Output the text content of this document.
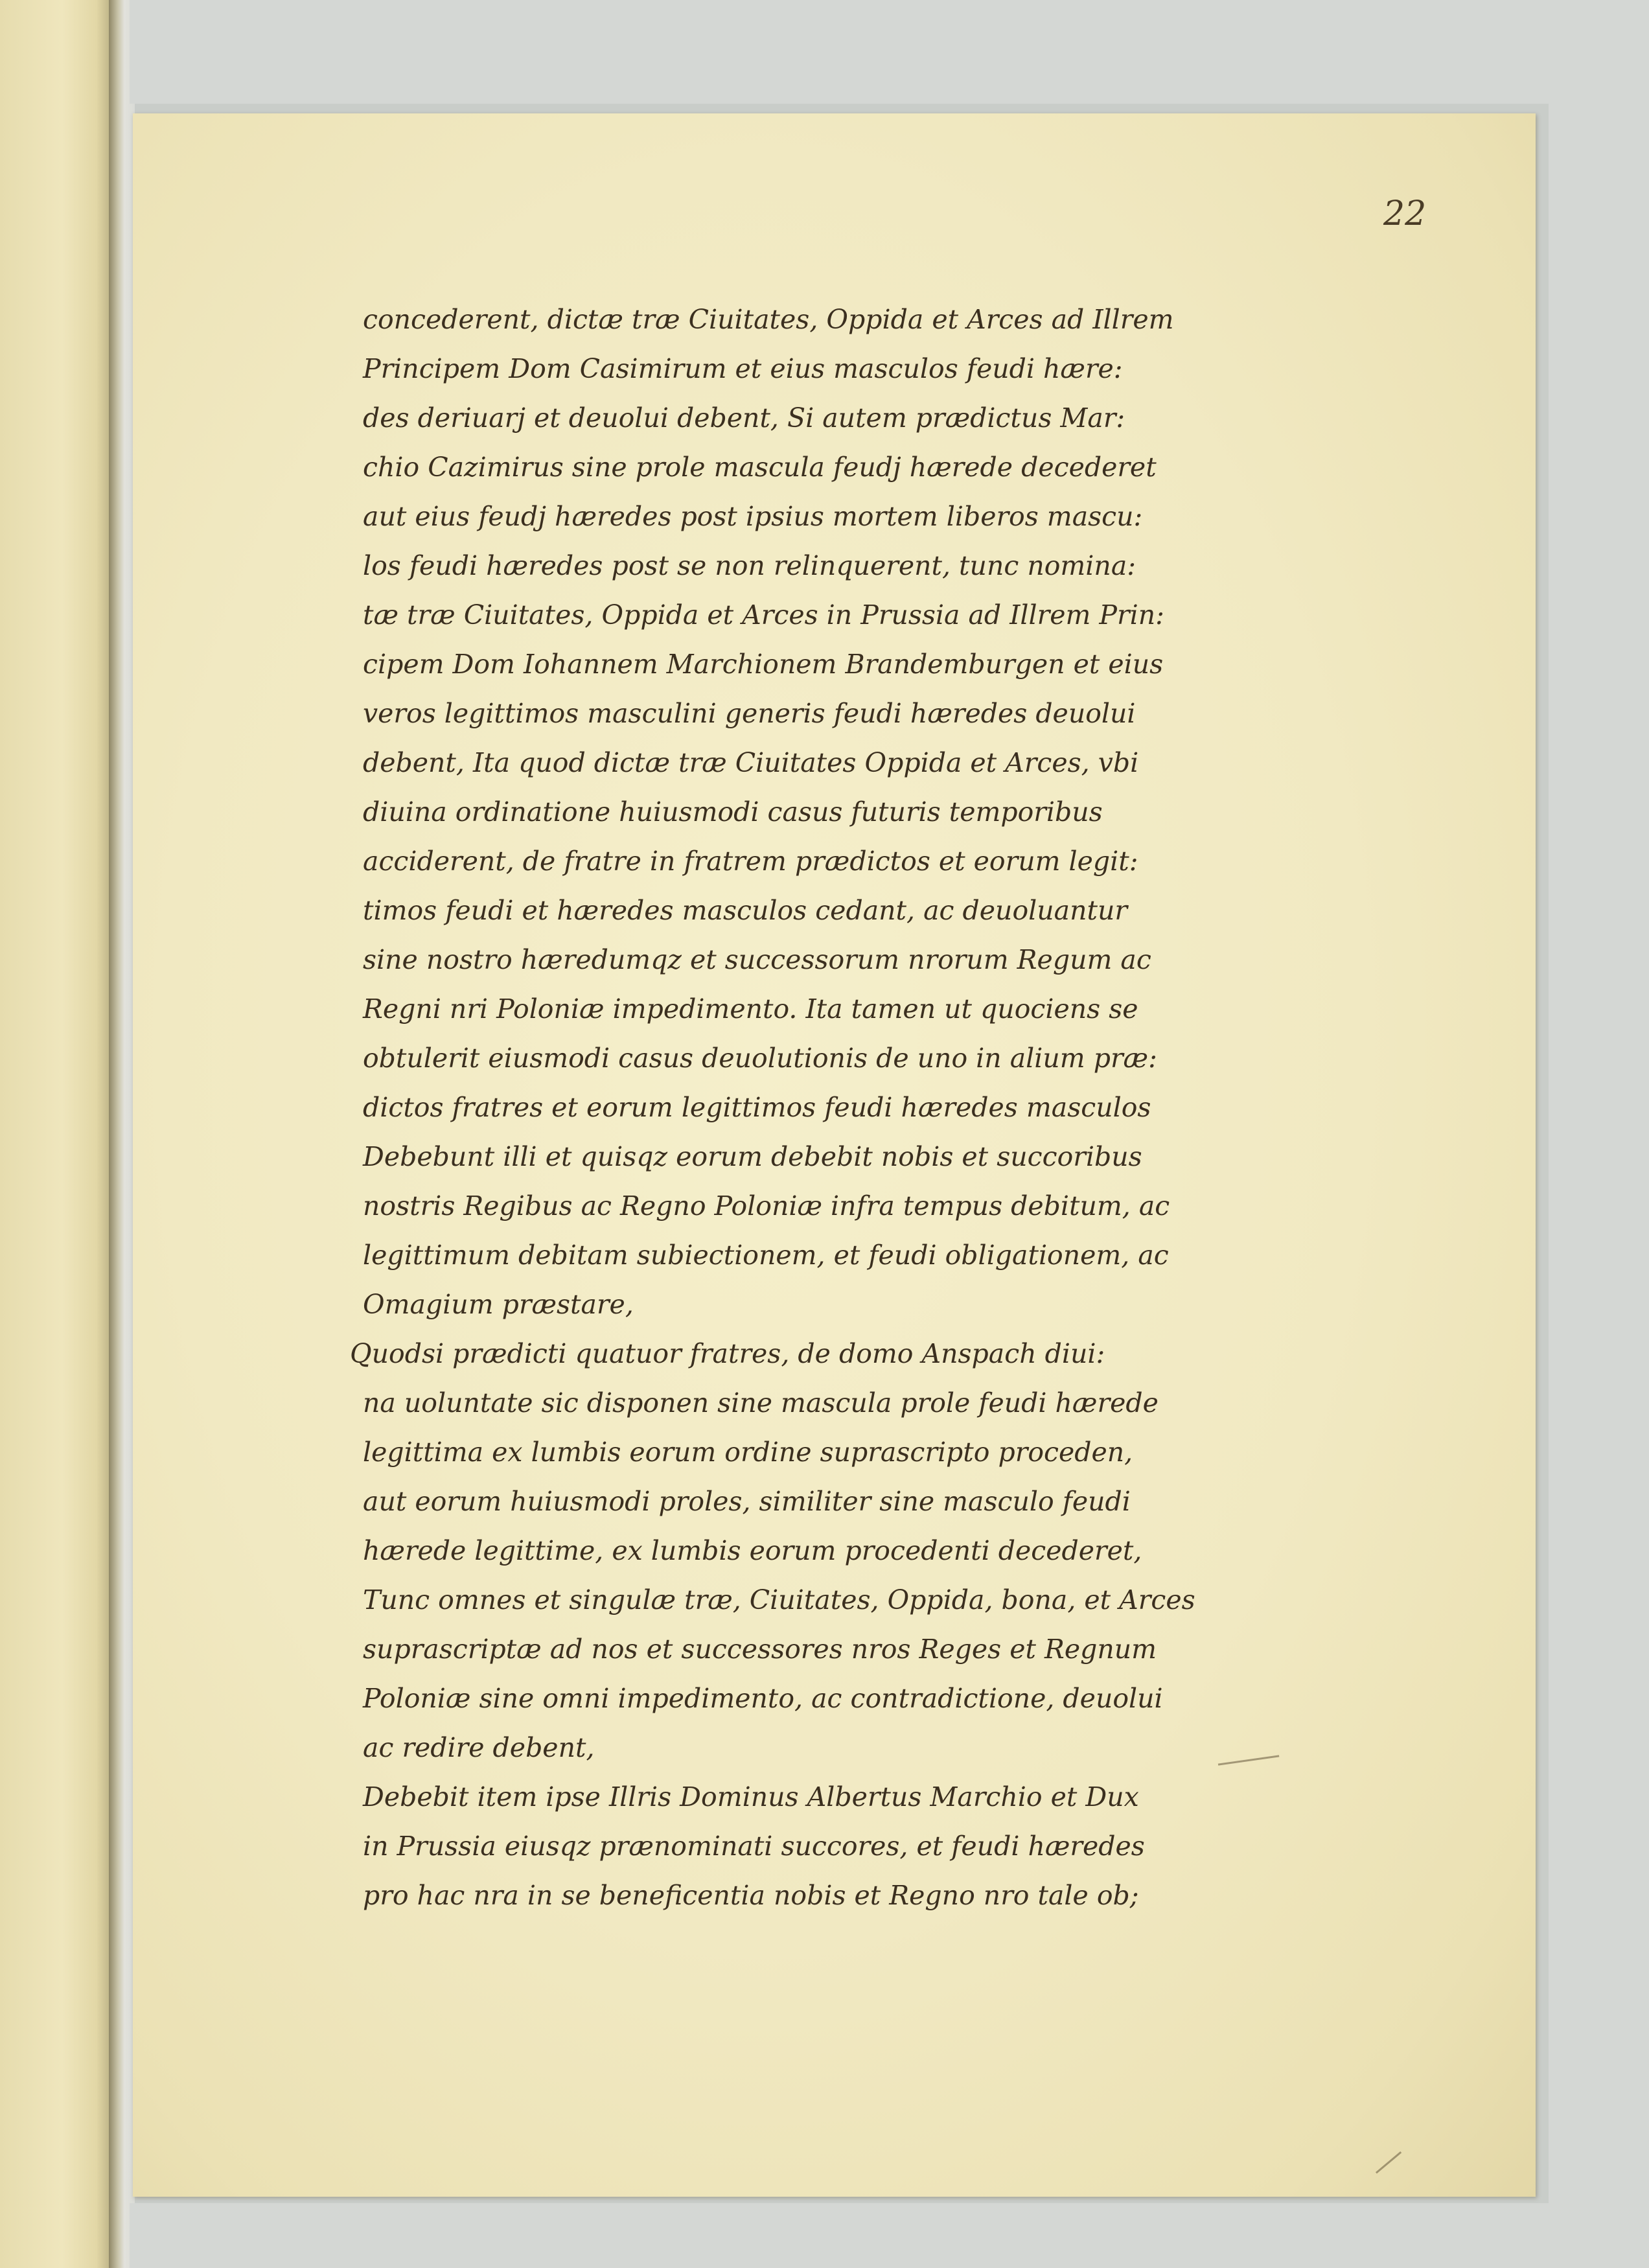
22
concederent, dictæ træ Ciuitates, Oppida et Arces ad Illrem
Principem Dom Casimirum et eius masculos feudi hære:
des deriuarj et deuolui debent, Si autem prædictus Mar:
chio Cazimirus sine prole mascula feudj hærede decederet
aut eius feudj hæredes post ipsius mortem liberos mascu:
los feudi hæredes post se non relinquerent, tunc nomina:
tæ træ Ciuitates, Oppida et Arces in Prussia ad Illrem Prin:
cipem Dom Iohannem Marchionem Brandemburgen et eius
veros legittimos masculini generis feudi hæredes deuolui
debent, Ita quod dictæ træ Ciuitates Oppida et Arces, vbi
diuina ordinatione huiusmodi casus futuris temporibus
acciderent, de fratre in fratrem prædictos et eorum legit:
timos feudi et hæredes masculos cedant, ac deuoluantur
sine nostro hæredumqz et successorum nrorum Regum ac
Regni nri Poloniæ impedimento. Ita tamen ut quociens se
obtulerit eiusmodi casus deuolutionis de uno in alium præ:
dictos fratres et eorum legittimos feudi hæredes masculos
Debebunt illi et quisqz eorum debebit nobis et succoribus
nostris Regibus ac Regno Poloniæ infra tempus debitum, ac
legittimum debitam subiectionem, et feudi obligationem, ac
Omagium præstare,
Quodsi prædicti quatuor fratres, de domo Anspach diui:
na uoluntate sic disponen sine mascula prole feudi hærede
legittima ex lumbis eorum ordine suprascripto proceden,
aut eorum huiusmodi proles, similiter sine masculo feudi
hærede legittime, ex lumbis eorum procedenti decederet,
Tunc omnes et singulæ træ, Ciuitates, Oppida, bona, et Arces
suprascriptæ ad nos et successores nros Reges et Regnum
Poloniæ sine omni impedimento, ac contradictione, deuolui
ac redire debent,
Debebit item ipse Illris Dominus Albertus Marchio et Dux
in Prussia eiusqz prænominati succores, et feudi hæredes
pro hac nra in se beneficentia nobis et Regno nro tale ob;
